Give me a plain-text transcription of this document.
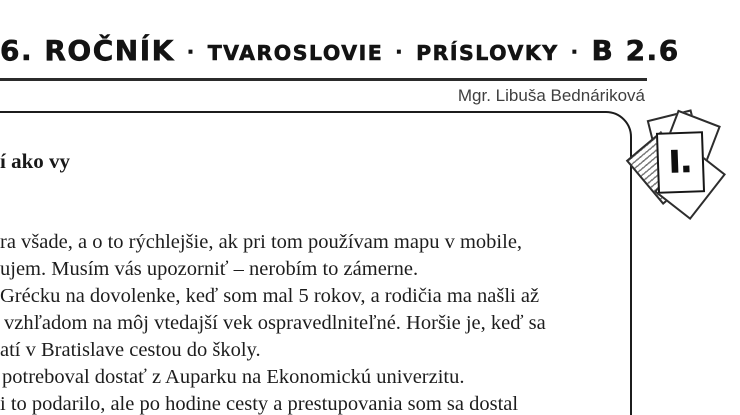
6. ROČNÍK · TVAROSLOVIE · PRÍSLOVKY · B 2.6
Mgr. Libuša Bednáriková
í ako vy
ra všade, a o to rýchlejšie, ak pri tom používam mapu v mobile,
ujem. Musím vás upozorniť – nerobím to zámerne.
Grécku na dovolenke, keď som mal 5 rokov, a rodičia ma našli až
vzhľadom na môj vtedajší vek ospravedlniteľné. Horšie je, keď sa
atí v Bratislave cestou do školy.
potreboval dostať z Auparku na Ekonomickú univerzitu.
i to podarilo, ale po hodine cesty a prestupovania som sa dostal
I.
